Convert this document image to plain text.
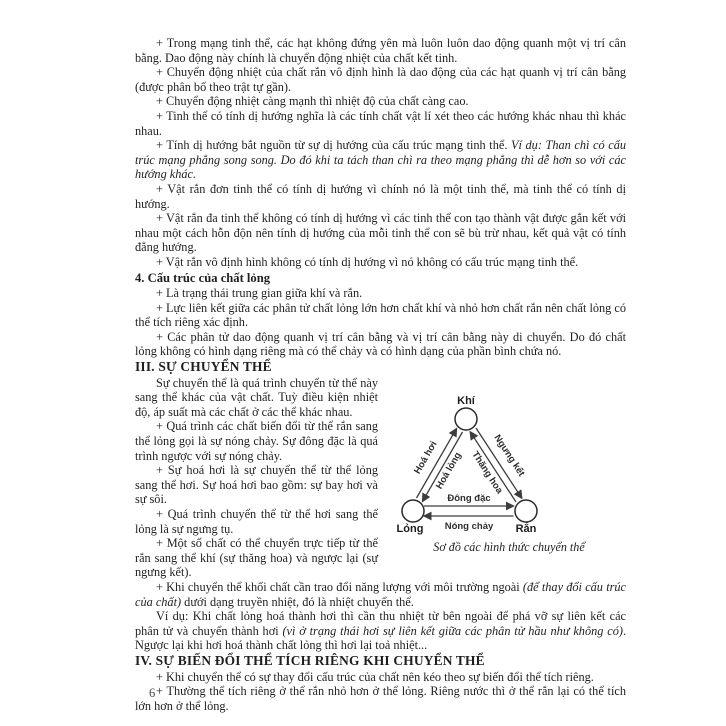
+ Trong mạng tinh thể, các hạt không đứng yên mà luôn luôn dao động quanh một vị trí cân bằng. Dao động này chính là chuyển động nhiệt của chất kết tinh.

+ Chuyển động nhiệt của chất rắn vô định hình là dao động của các hạt quanh vị trí cân bằng (được phân bố theo trật tự gần).

+ Chuyển động nhiệt càng mạnh thì nhiệt độ của chất càng cao.

+ Tinh thể có tính dị hướng nghĩa là các tính chất vật lí xét theo các hướng khác nhau thì khác nhau.

+ Tính dị hướng bắt nguồn từ sự dị hướng của cấu trúc mạng tinh thể. Ví dụ: Than chì có cấu trúc mạng phẳng song song. Do đó khi ta tách than chì ra theo mạng phẳng thì dễ hơn so với các hướng khác.

+ Vật rắn đơn tinh thể có tính dị hướng vì chính nó là một tinh thể, mà tinh thể có tính dị hướng.

+ Vật rắn đa tinh thể không có tính dị hướng vì các tinh thể con tạo thành vật được gắn kết với nhau một cách hỗn độn nên tính dị hướng của mỗi tinh thể con sẽ bù trừ nhau, kết quả vật có tính đẳng hướng.

+ Vật rắn vô định hình không có tính dị hướng vì nó không có cấu trúc mạng tinh thể.

4. Cấu trúc của chất lỏng

+ Là trạng thái trung gian giữa khí và rắn.

+ Lực liên kết giữa các phân tử chất lỏng lớn hơn chất khí và nhỏ hơn chất rắn nên chất lỏng có thể tích riêng xác định.

+ Các phân tử dao động quanh vị trí cân bằng và vị trí cân bằng này di chuyển. Do đó chất lỏng không có hình dạng riêng mà có thể chảy và có hình dạng của phần bình chứa nó.

III. SỰ CHUYỂN THỂ

Khí
Lỏng	Rắn
Hoá hơi
Hoá lỏng	Ngưng kết
Thăng hoa
Đông đặc
Nóng chảy
Sơ đồ các hình thức chuyển thể

Sự chuyển thể là quá trình chuyển từ thể này sang thể khác của vật chất. Tuỳ điều kiện nhiệt độ, áp suất mà các chất ở các thể khác nhau.

+ Quá trình các chất biến đổi từ thể rắn sang thể lỏng gọi là sự nóng chảy. Sự đông đặc là quá trình ngược với sự nóng chảy.

+ Sự hoá hơi là sự chuyển thể từ thể lỏng sang thể hơi. Sự hoá hơi bao gồm: sự bay hơi và sự sôi.

+ Quá trình chuyển thể từ thể hơi sang thể lỏng là sự ngưng tụ.

+ Một số chất có thể chuyển trực tiếp từ thể rắn sang thể khí (sự thăng hoa) và ngược lại (sự ngưng kết).

+ Khi chuyển thể khối chất cần trao đổi năng lượng với môi trường ngoài (để thay đổi cấu trúc của chất) dưới dạng truyền nhiệt, đó là nhiệt chuyển thể.

Ví dụ: Khi chất lỏng hoá thành hơi thì cần thu nhiệt từ bên ngoài để phá vỡ sự liên kết các phân tử và chuyển thành hơi (vì ở trạng thái hơi sự liên kết giữa các phân tử hầu như không có). Ngược lại khi hơi hoá thành chất lỏng thì hơi lại toả nhiệt...

IV. SỰ BIẾN ĐỔI THỂ TÍCH RIÊNG KHI CHUYỂN THỂ

+ Khi chuyển thể có sự thay đổi cấu trúc của chất nên kéo theo sự biến đổi thể tích riêng.

+ Thường thể tích riêng ở thể rắn nhỏ hơn ở thể lỏng. Riêng nước thì ở thể rắn lại có thể tích lớn hơn ở thể lỏng.

6
